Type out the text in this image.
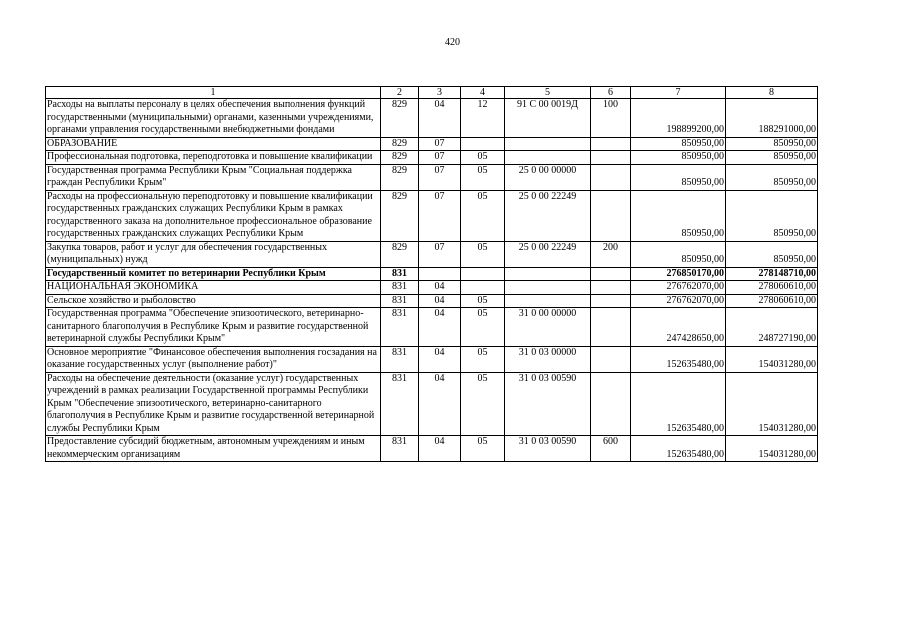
420
1	2	3	4	5	6	7	8
Расходы на выплаты персоналу в целях обеспечения выполнения функций государственными (муниципальными) органами, казенными учреждениями, органами управления государственными внебюджетными фондами	829	04	12	91 С 00 0019Д	100	198899200,00	188291000,00
ОБРАЗОВАНИЕ	829	07				850950,00	850950,00
Профессиональная подготовка, переподготовка и повышение квалификации	829	07	05			850950,00	850950,00
Государственная программа Республики Крым "Социальная поддержка граждан Республики Крым"	829	07	05	25 0 00 00000		850950,00	850950,00
Расходы на профессиональную переподготовку и повышение квалификации государственных гражданских служащих Республики Крым в рамках государственного заказа на дополнительное профессиональное образование государственных гражданских служащих Республики Крым	829	07	05	25 0 00 22249		850950,00	850950,00
Закупка товаров, работ и услуг для обеспечения государственных (муниципальных) нужд	829	07	05	25 0 00 22249	200	850950,00	850950,00
Государственный комитет по ветеринарии Республики Крым	831					276850170,00	278148710,00
НАЦИОНАЛЬНАЯ ЭКОНОМИКА	831	04				276762070,00	278060610,00
Сельское хозяйство и рыболовство	831	04	05			276762070,00	278060610,00
Государственная программа "Обеспечение эпизоотического, ветеринарно-санитарного благополучия в Республике Крым и развитие государственной ветеринарной службы Республики Крым"	831	04	05	31 0 00 00000		247428650,00	248727190,00
Основное мероприятие "Финансовое обеспечения выполнения госзадания на оказание государственных услуг (выполнение работ)"	831	04	05	31 0 03 00000		152635480,00	154031280,00
Расходы на обеспечение деятельности (оказание услуг) государственных учреждений в рамках реализации Государственной программы Республики Крым "Обеспечение эпизоотического, ветеринарно-санитарного благополучия в Республике Крым и развитие государственной ветеринарной службы Республики Крым	831	04	05	31 0 03 00590		152635480,00	154031280,00
Предоставление субсидий бюджетным, автономным учреждениям и иным некоммерческим организациям	831	04	05	31 0 03 00590	600	152635480,00	154031280,00
